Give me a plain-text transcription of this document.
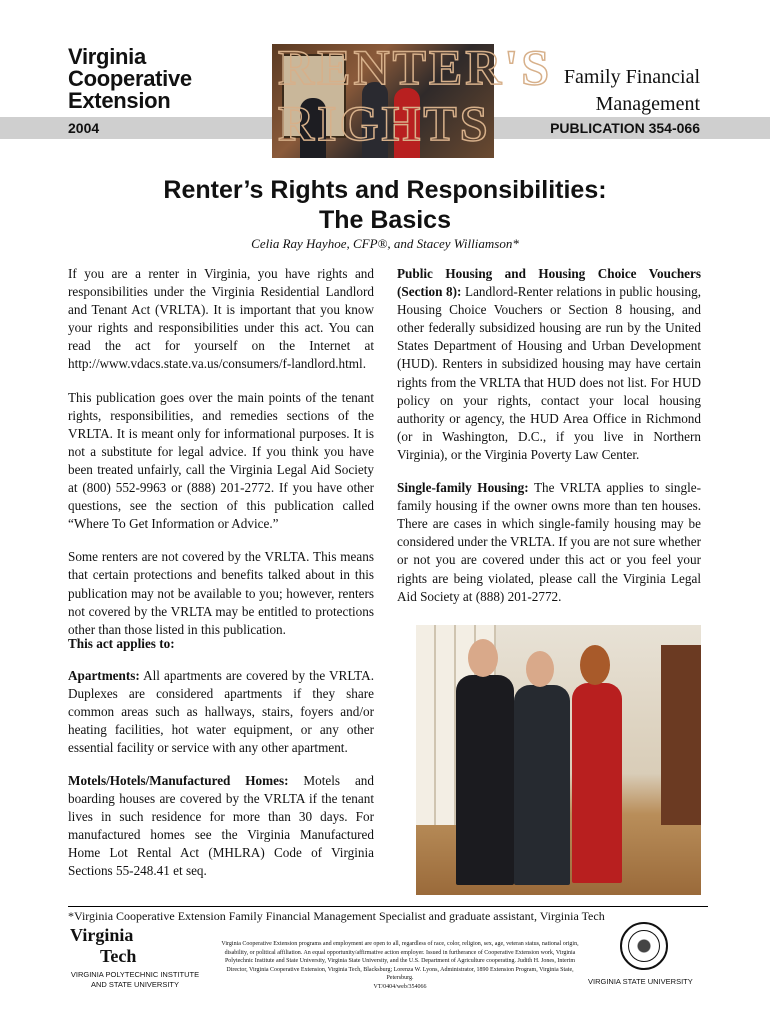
Virginia
Cooperative
Extension
RENTER'S
RIGHTS
Family Financial
Management
2004	PUBLICATION 354-066
Renter’s Rights and Responsibilities:
The Basics
Celia Ray Hayhoe, CFP®, and Stacey Williamson*

If you are a renter in Virginia, you have rights and responsibilities under the Virginia Residential Landlord and Tenant Act (VRLTA). It is important that you know your rights and responsibilities under this act. You can read the act for yourself on the Internet at http://www.vdacs.state.va.us/consumers/f-landlord.html.

This publication goes over the main points of the tenant rights, responsibilities, and remedies sections of the VRLTA. It is meant only for informational purposes. It is not a substitute for legal advice. If you think you have been treated unfairly, call the Virginia Legal Aid Society at (800) 552-9963 or (888) 201-2772. If you have other questions, see the section of this publication called “Where To Get Information or Advice.”

Some renters are not covered by the VRLTA. This means that certain protections and benefits talked about in this publication may not be available to you; however, renters not covered by the VRLTA may be entitled to protections other than those listed in this publication.

Public Housing and Housing Choice Vouchers (Section 8): Landlord-Renter relations in public housing, Housing Choice Vouchers or Section 8 housing, and other federally subsidized housing are run by the United States Department of Housing and Urban Development (HUD). Renters in subsidized housing may have certain rights from the VRLTA that HUD does not list. For HUD policy on your rights, contact your local housing authority or agency, the HUD Area Office in Richmond (or in Washington, D.C., if you live in Northern Virginia), or the Virginia Poverty Law Center.

Single-family Housing: The VRLTA applies to single-family housing if the owner owns more than ten houses. There are cases in which single-family housing may be considered under the VRLTA. If you are not sure whether or not you are covered under this act or you feel your rights are being violated, please call the Virginia Legal Aid Society at (888) 201-2772.

This act applies to:

Apartments: All apartments are covered by the VRLTA. Duplexes are considered apartments if they share common areas such as hallways, stairs, foyers and/or heating facilities, hot water equipment, or any other essential facility or service with any other apartment.

Motels/Hotels/Manufactured Homes: Motels and boarding houses are covered by the VRLTA if the tenant lives in such residence for more than 30 days. For manufactured homes see the Virginia Manufactured Home Lot Rental Act (MHLRA) Code of Virginia Sections 55-248.41 et seq.

*Virginia Cooperative Extension Family Financial Management Specialist and graduate assistant, Virginia Tech
Virginia
Tech
VIRGINIA POLYTECHNIC INSTITUTE
AND STATE UNIVERSITY
Virginia Cooperative Extension programs and employment are open to all, regardless of race, color, religion, sex, age, veteran status, national origin, disability, or political affiliation. An equal opportunity/affirmative action employer. Issued in furtherance of Cooperative Extension work, Virginia Polytechnic Institute and State University, Virginia State University, and the U.S. Department of Agriculture cooperating. Judith H. Jones, Interim Director, Virginia Cooperative Extension, Virginia Tech, Blacksburg; Lorenza W. Lyons, Administrator, 1890 Extension Program, Virginia State, Petersburg.
VT/0404/web/354066
VIRGINIA STATE UNIVERSITY
